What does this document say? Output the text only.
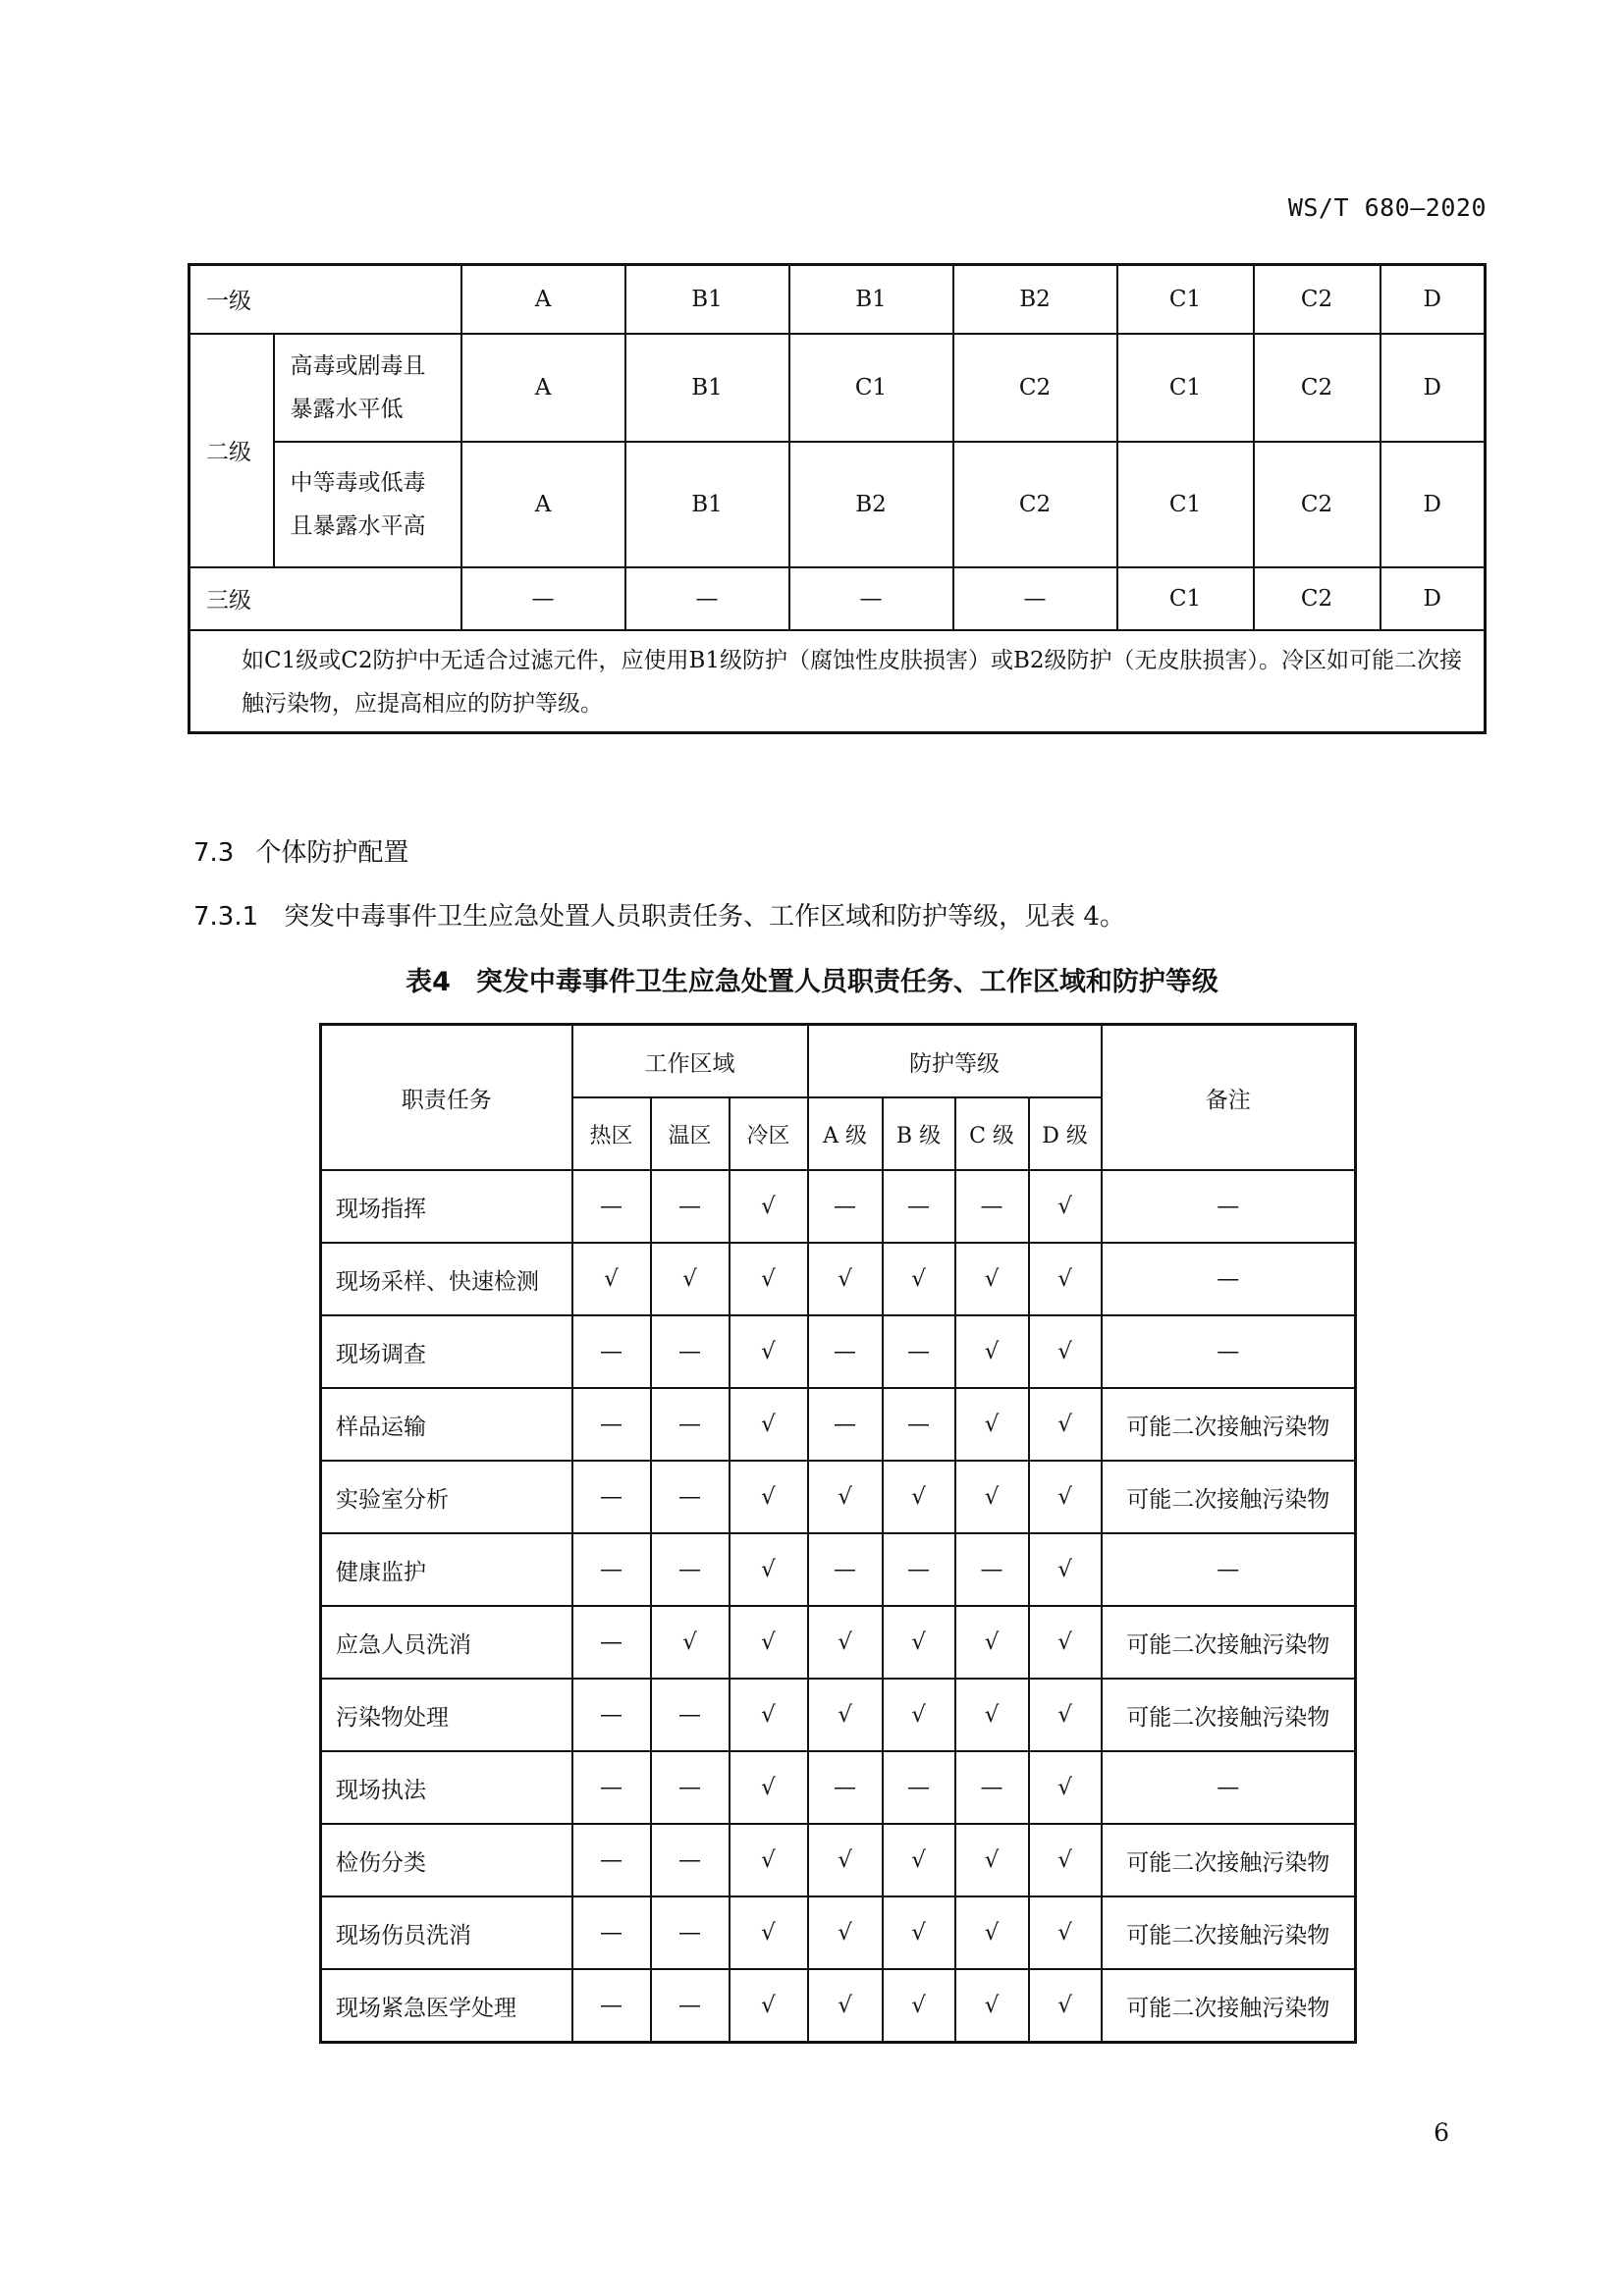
WS/T 680—2020
一级		A	B1	B1	B2	C1	C2	D
二级	高毒或剧毒且
暴露水平低	A	B1	C1	C2	C1	C2	D
	中等毒或低毒
且暴露水平高	A	B1	B2	C2	C1	C2	D
三级		—	—	—	—	C1	C2	D
如C1级或C2防护中无适合过滤元件，应使用B1级防护（腐蚀性皮肤损害）或B2级防护（无皮肤损害）。冷区如可能二次接触污染物，应提高相应的防护等级。								
7.3 个体防护配置
7.3.1 突发中毒事件卫生应急处置人员职责任务、工作区域和防护等级，见表 4。
表4 突发中毒事件卫生应急处置人员职责任务、工作区域和防护等级
职责任务	工作区域			防护等级				备注
	热区	温区	冷区	A 级	B 级	C 级	D 级	
现场指挥	—	—	√	—	—	—	√	—
现场采样、快速检测	√	√	√	√	√	√	√	—
现场调查	—	—	√	—	—	√	√	—
样品运输	—	—	√	—	—	√	√	可能二次接触污染物
实验室分析	—	—	√	√	√	√	√	可能二次接触污染物
健康监护	—	—	√	—	—	—	√	—
应急人员洗消	—	√	√	√	√	√	√	可能二次接触污染物
污染物处理	—	—	√	√	√	√	√	可能二次接触污染物
现场执法	—	—	√	—	—	—	√	—
检伤分类	—	—	√	√	√	√	√	可能二次接触污染物
现场伤员洗消	—	—	√	√	√	√	√	可能二次接触污染物
现场紧急医学处理	—	—	√	√	√	√	√	可能二次接触污染物
6
